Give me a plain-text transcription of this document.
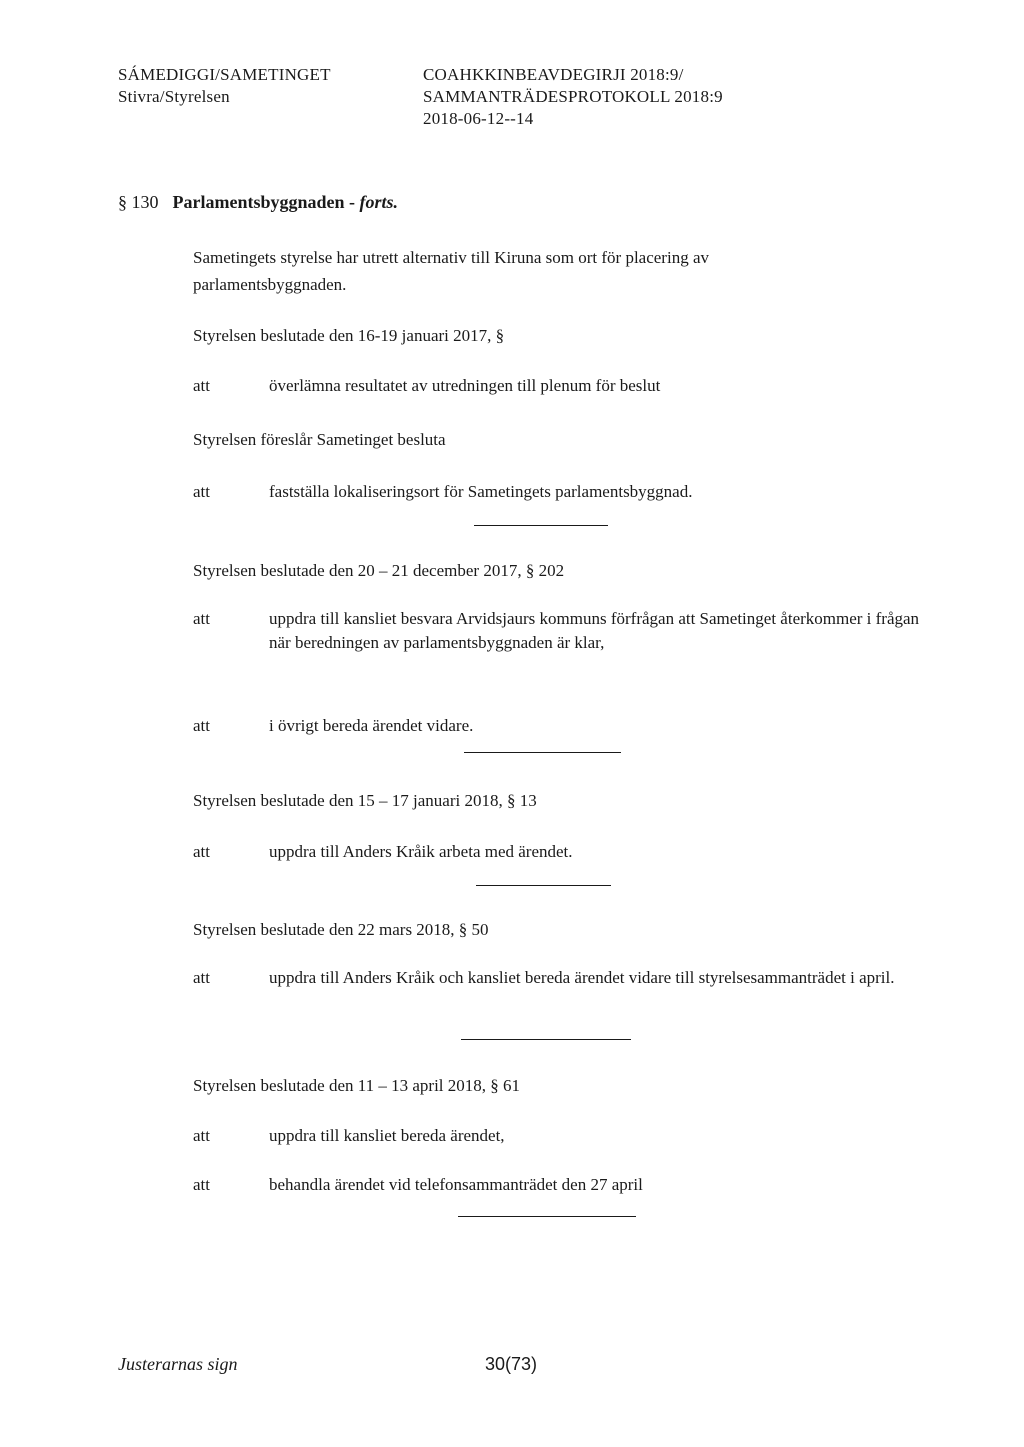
SÁMEDIGGI/SAMETINGET
Stivra/Styrelsen
COAHKKINBEAVDEGIRJI 2018:9/
SAMMANTRÄDESPROTOKOLL 2018:9
2018-06-12--14
§ 130 Parlamentsbyggnaden - forts.
Sametingets styrelse har utrett alternativ till Kiruna som ort för placering av
parlamentsbyggnaden.
Styrelsen beslutade den 16-19 januari 2017, §
att	överlämna resultatet av utredningen till plenum för beslut
Styrelsen föreslår Sametinget besluta
att	fastställa lokaliseringsort för Sametingets parlamentsbyggnad.
Styrelsen beslutade den 20 – 21 december 2017, § 202
att	uppdra till kansliet besvara Arvidsjaurs kommuns förfrågan att Sametinget återkommer i frågan när beredningen av parlamentsbyggnaden är klar,
att	i övrigt bereda ärendet vidare.
Styrelsen beslutade den 15 – 17 januari 2018, § 13
att	uppdra till Anders Kråik arbeta med ärendet.
Styrelsen beslutade den 22 mars 2018, § 50
att	uppdra till Anders Kråik och kansliet bereda ärendet vidare till styrelsesammanträdet i april.
Styrelsen beslutade den 11 – 13 april 2018, § 61
att	uppdra till kansliet bereda ärendet,
att	behandla ärendet vid telefonsammanträdet den 27 april
Justerarnas sign	30(73)
